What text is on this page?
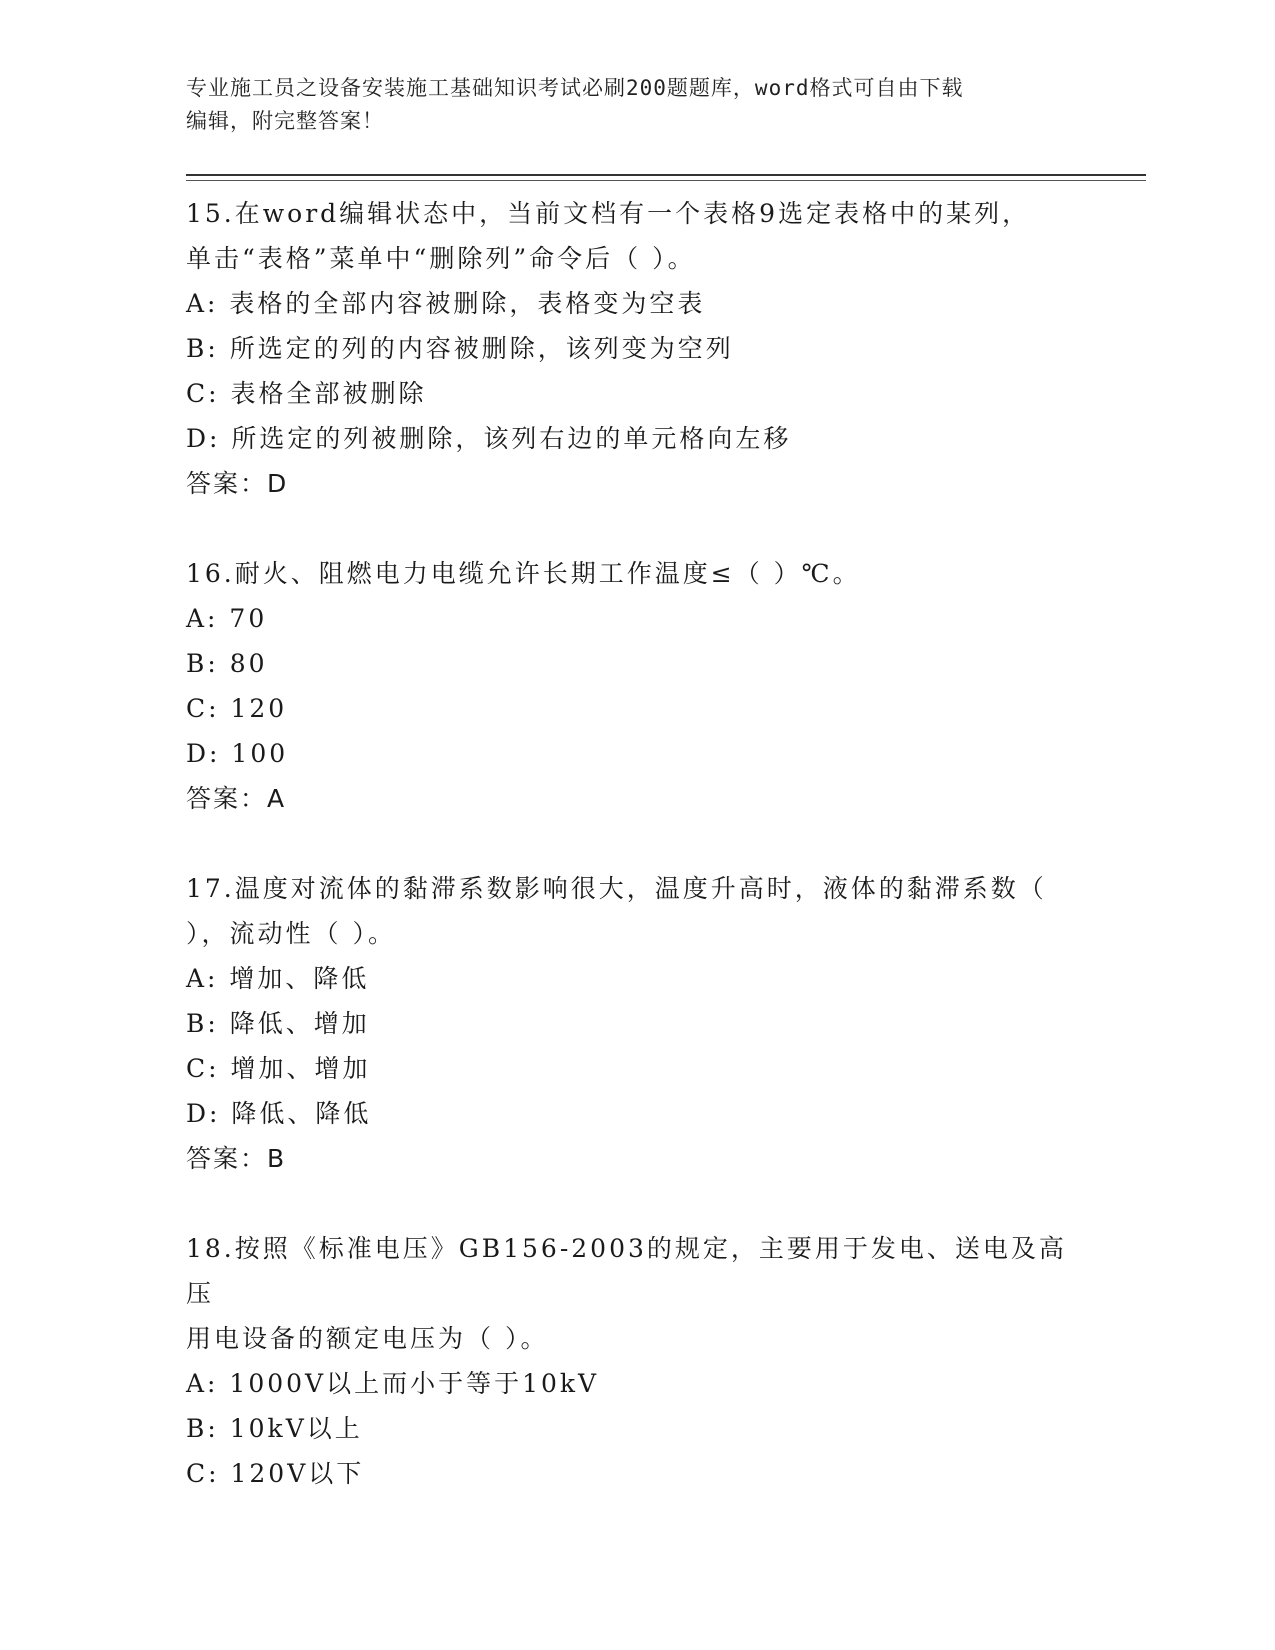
专业施工员之设备安装施工基础知识考试必刷200题题库，word格式可自由下载
编辑，附完整答案！
15.在word编辑状态中，当前文档有一个表格9选定表格中的某列，
单击“表格”菜单中“删除列”命令后（ ）。
A: 表格的全部内容被删除，表格变为空表
B: 所选定的列的内容被删除，该列变为空列
C: 表格全部被删除
D: 所选定的列被删除，该列右边的单元格向左移
答案：D
16.耐火、阻燃电力电缆允许长期工作温度≤（ ）℃。
A: 70
B: 80
C: 120
D: 100
答案：A
17.温度对流体的黏滞系数影响很大，温度升高时，液体的黏滞系数（
），流动性（ ）。
A: 增加、降低
B: 降低、增加
C: 增加、增加
D: 降低、降低
答案：B
18.按照《标准电压》GB156-2003的规定，主要用于发电、送电及高压
用电设备的额定电压为（ ）。
A: 1000V以上而小于等于10kV
B: 10kV以上
C: 120V以下
